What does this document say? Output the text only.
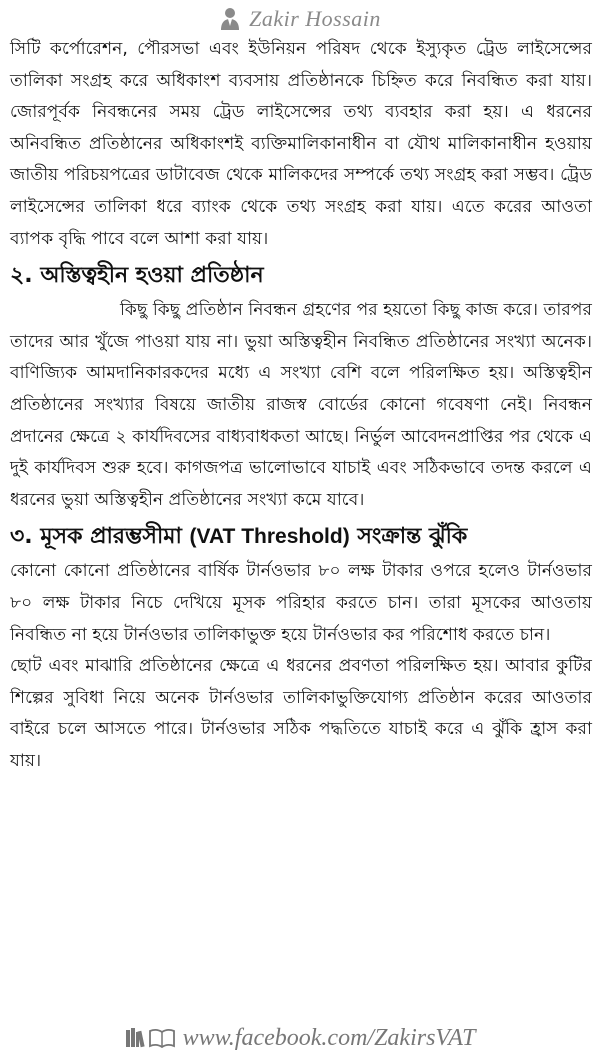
Zakir Hossain

সিটি কর্পোরেশন, পৌরসভা এবং ইউনিয়ন পরিষদ থেকে ইস্যুকৃত ট্রেড লাইসেন্সের তালিকা সংগ্রহ করে অধিকাংশ ব্যবসায় প্রতিষ্ঠানকে চিহ্নিত করে নিবন্ধিত করা যায়। জোরপূর্বক নিবন্ধনের সময় ট্রেড লাইসেন্সের তথ্য ব্যবহার করা হয়। এ ধরনের অনিবন্ধিত প্রতিষ্ঠানের অধিকাংশই ব্যক্তিমালিকানাধীন বা যৌথ মালিকানাধীন হওয়ায় জাতীয় পরিচয়পত্রের ডাটাবেজ থেকে মালিকদের সম্পর্কে তথ্য সংগ্রহ করা সম্ভব। ট্রেড লাইসেন্সের তালিকা ধরে ব্যাংক থেকে তথ্য সংগ্রহ করা যায়। এতে করের আওতা ব্যাপক বৃদ্ধি পাবে বলে আশা করা যায়।

২. অস্তিত্বহীন হওয়া প্রতিষ্ঠান

কিছু কিছু প্রতিষ্ঠান নিবন্ধন গ্রহণের পর হয়তো কিছু কাজ করে। তারপর তাদের আর খুঁজে পাওয়া যায় না। ভুয়া অস্তিত্বহীন নিবন্ধিত প্রতিষ্ঠানের সংখ্যা অনেক। বাণিজ্যিক আমদানিকারকদের মধ্যে এ সংখ্যা বেশি বলে পরিলক্ষিত হয়। অস্তিত্বহীন প্রতিষ্ঠানের সংখ্যার বিষয়ে জাতীয় রাজস্ব বোর্ডের কোনো গবেষণা নেই। নিবন্ধন প্রদানের ক্ষেত্রে ২ কার্যদিবসের বাধ্যবাধকতা আছে। নির্ভুল আবেদনপ্রাপ্তির পর থেকে এ দুই কার্যদিবস শুরু হবে। কাগজপত্র ভালোভাবে যাচাই এবং সঠিকভাবে তদন্ত করলে এ ধরনের ভুয়া অস্তিত্বহীন প্রতিষ্ঠানের সংখ্যা কমে যাবে।

৩. মূসক প্রারম্ভসীমা (VAT Threshold) সংক্রান্ত ঝুঁকি

কোনো কোনো প্রতিষ্ঠানের বার্ষিক টার্নওভার ৮০ লক্ষ টাকার ওপরে হলেও টার্নওভার ৮০ লক্ষ টাকার নিচে দেখিয়ে মূসক পরিহার করতে চান। তারা মূসকের আওতায় নিবন্ধিত না হয়ে টার্নওভার তালিকাভুক্ত হয়ে টার্নওভার কর পরিশোধ করতে চান।

ছোট এবং মাঝারি প্রতিষ্ঠানের ক্ষেত্রে এ ধরনের প্রবণতা পরিলক্ষিত হয়। আবার কুটির শিল্পের সুবিধা নিয়ে অনেক টার্নওভার তালিকাভুক্তিযোগ্য প্রতিষ্ঠান করের আওতার বাইরে চলে আসতে পারে। টার্নওভার সঠিক পদ্ধতিতে যাচাই করে এ ঝুঁকি হ্রাস করা যায়।

www.facebook.com/ZakirsVAT
